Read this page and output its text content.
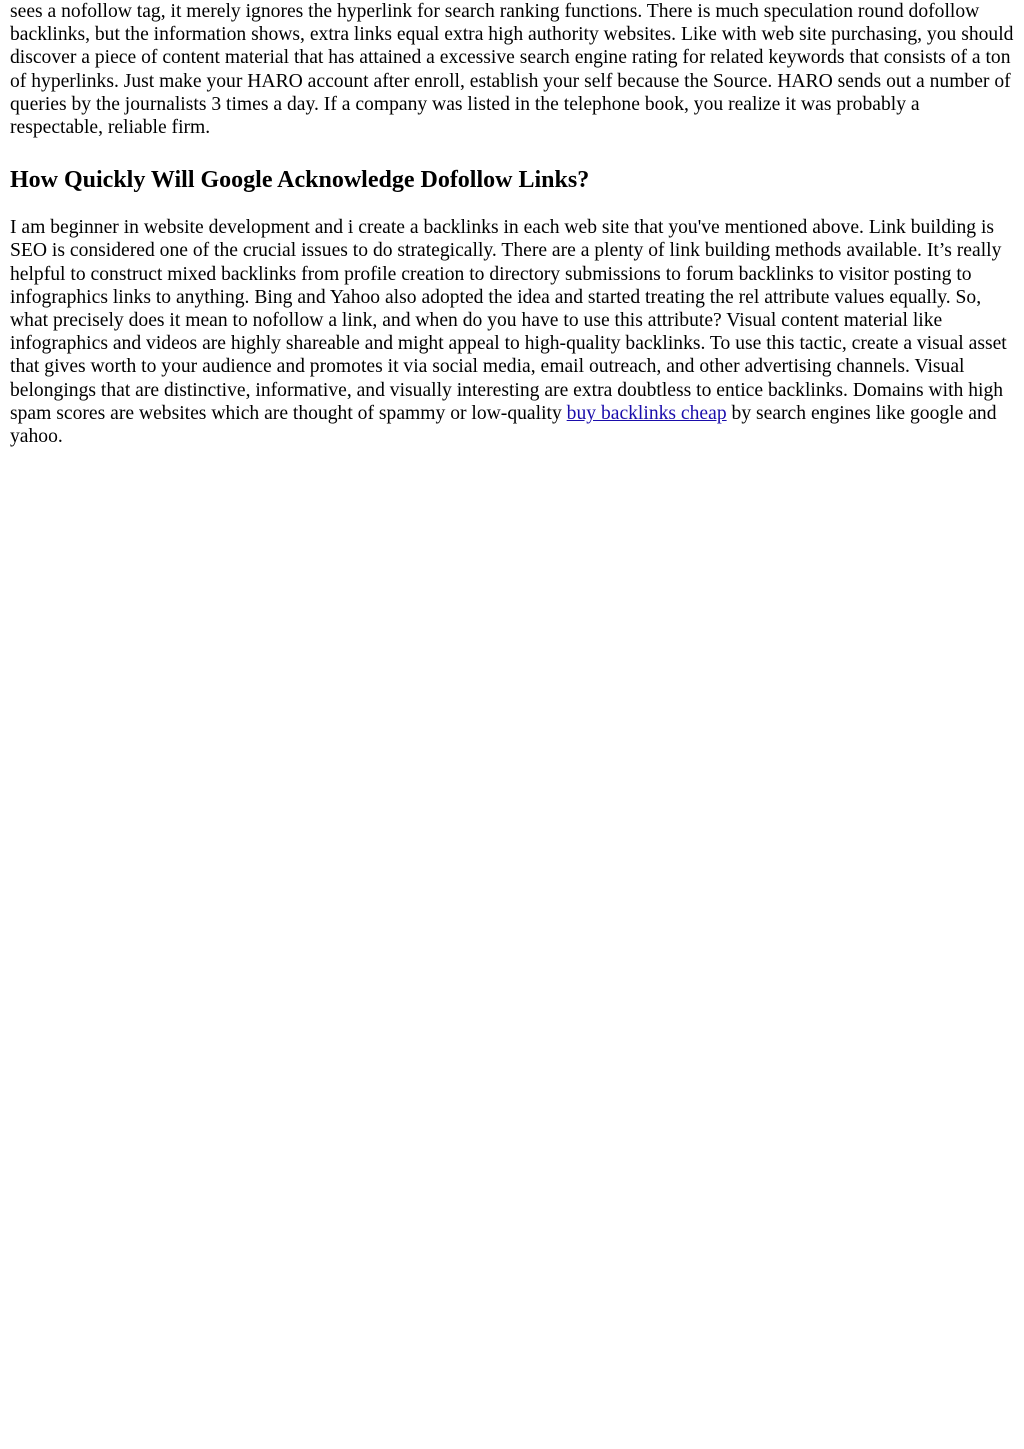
sees a nofollow tag, it merely ignores the hyperlink for search ranking functions. There is much speculation round dofollow backlinks, but the information shows, extra links equal extra high authority websites. Like with web site purchasing, you should discover a piece of content material that has attained a excessive search engine rating for related keywords that consists of a ton of hyperlinks. Just make your HARO account after enroll, establish your self because the Source. HARO sends out a number of queries by the journalists 3 times a day. If a company was listed in the telephone book, you realize it was probably a respectable, reliable firm.

How Quickly Will Google Acknowledge Dofollow Links?

I am beginner in website development and i create a backlinks in each web site that you've mentioned above. Link building is SEO is considered one of the crucial issues to do strategically. There are a plenty of link building methods available. It’s really helpful to construct mixed backlinks from profile creation to directory submissions to forum backlinks to visitor posting to infographics links to anything. Bing and Yahoo also adopted the idea and started treating the rel attribute values equally. So, what precisely does it mean to nofollow a link, and when do you have to use this attribute? Visual content material like infographics and videos are highly shareable and might appeal to high-quality backlinks. To use this tactic, create a visual asset that gives worth to your audience and promotes it via social media, email outreach, and other advertising channels. Visual belongings that are distinctive, informative, and visually interesting are extra doubtless to entice backlinks. Domains with high spam scores are websites which are thought of spammy or low-quality buy backlinks cheap by search engines like google and yahoo.
